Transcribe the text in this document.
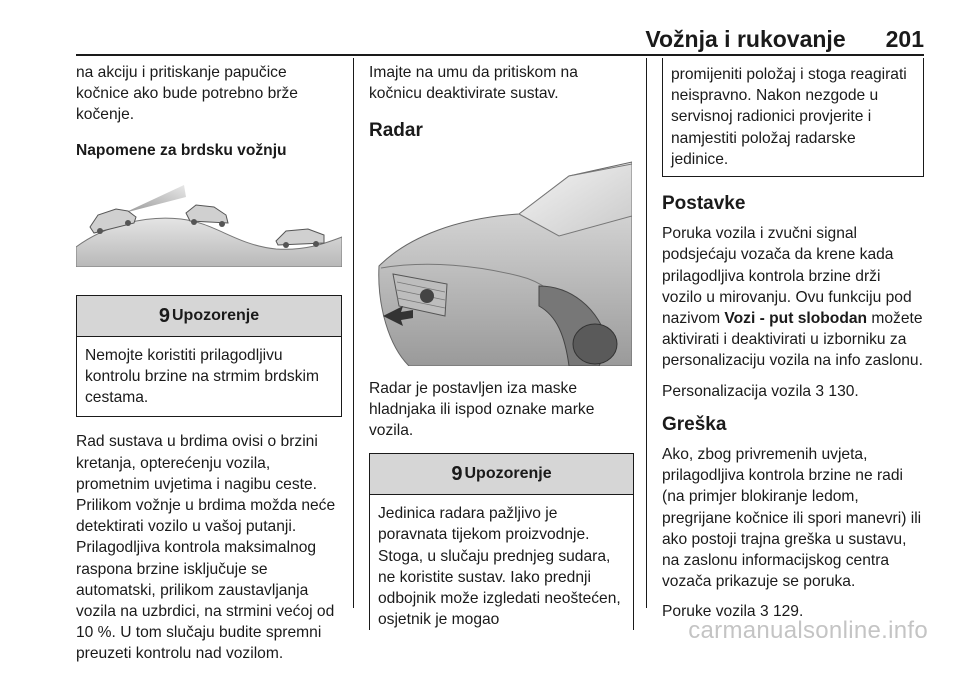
Vožnja i rukovanje 201

na akciju i pritiskanje papučice kočnice ako bude potrebno brže kočenje.

Napomene za brdsku vožnju
9 Upozorenje
Nemojte koristiti prilagodljivu kontrolu brzine na strmim brdskim cestama.

Rad sustava u brdima ovisi o brzini kretanja, opterećenju vozila, prometnim uvjetima i nagibu ceste. Prilikom vožnje u brdima možda neće detektirati vozilo u vašoj putanji. Prilagodljiva kontrola maksimalnog raspona brzine isključuje se automatski, prilikom zaustavljanja vozila na uzbrdici, na strmini većoj od 10 %. U tom slučaju budite spremni preuzeti kontrolu nad vozilom.

Imajte na umu da pritiskom na kočnicu deaktivirate sustav.

Radar

Radar je postavljen iza maske hladnjaka ili ispod oznake marke vozila.

9 Upozorenje
Jedinica radara pažljivo je poravnata tijekom proizvodnje. Stoga, u slučaju prednjeg sudara, ne koristite sustav. Iako prednji odbojnik može izgledati neoštećen, osjetnik je mogao
promijeniti položaj i stoga reagirati neispravno. Nakon nezgode u servisnoj radionici provjerite i namjestiti položaj radarske jedinice.
Postavke

Poruka vozila i zvučni signal podsjećaju vozača da krene kada prilagodljiva kontrola brzine drži vozilo u mirovanju. Ovu funkciju pod nazivom Vozi - put slobodan možete aktivirati i deaktivirati u izborniku za personalizaciju vozila na info zaslonu.

Personalizacija vozila 3 130.

Greška

Ako, zbog privremenih uvjeta, prilagodljiva kontrola brzine ne radi (na primjer blokiranje ledom, pregrijane kočnice ili spori manevri) ili ako postoji trajna greška u sustavu, na zaslonu informacijskog centra vozača prikazuje se poruka.

Poruke vozila 3 129.

carmanualsonline.info
